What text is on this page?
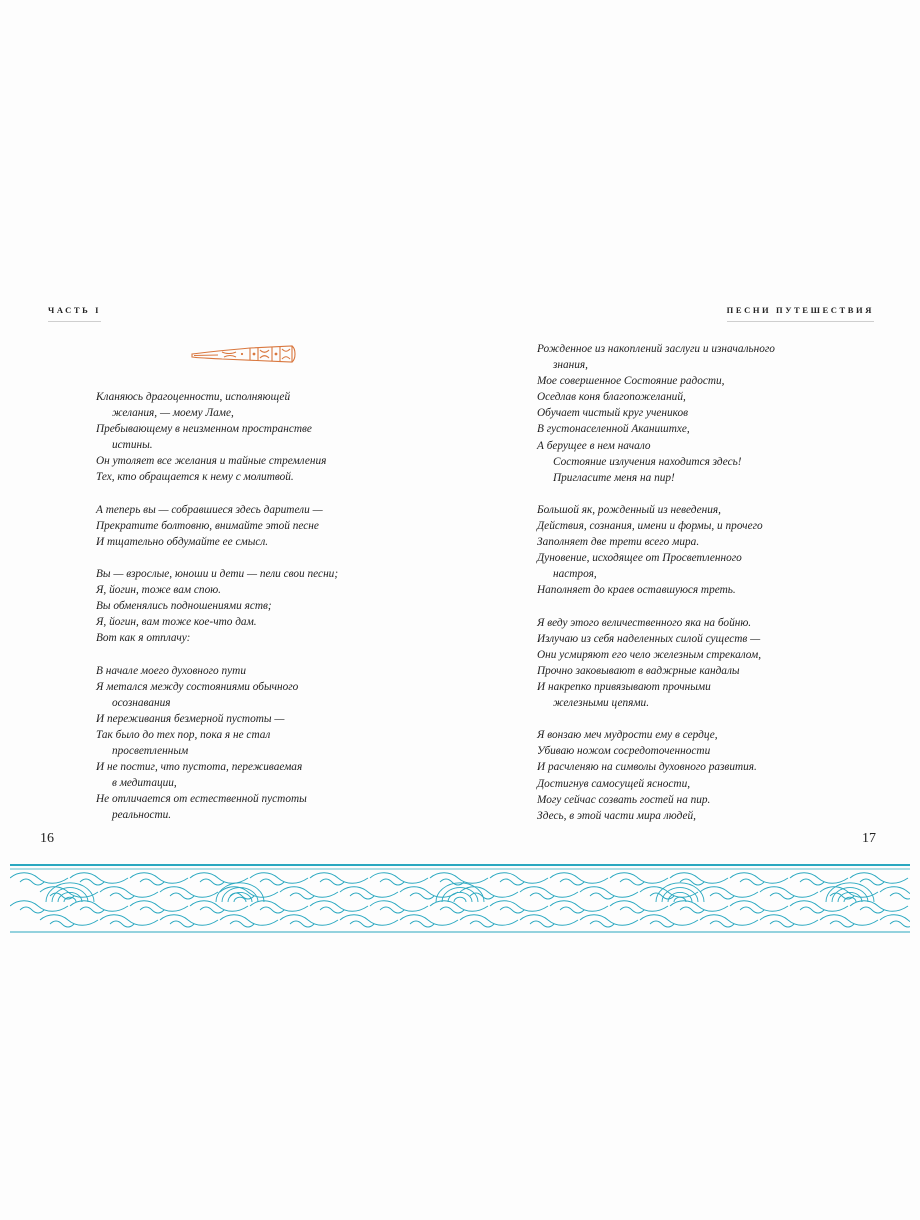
ЧАСТЬ I	ПЕСНИ ПУТЕШЕСТВИЯ
Кланяюсь драгоценности, исполняющей
желания, — моему Ламе,
Пребывающему в неизменном пространстве
истины.
Он утоляет все желания и тайные стремления
Тех, кто обращается к нему с молитвой.
А теперь вы — собравшиеся здесь дарители —
Прекратите болтовню, внимайте этой песне
И тщательно обдумайте ее смысл.
Вы — взрослые, юноши и дети — пели свои песни;
Я, йогин, тоже вам спою.
Вы обменялись подношениями яств;
Я, йогин, вам тоже кое-что дам.
Вот как я отплачу:
В начале моего духовного пути
Я метался между состояниями обычного
осознавания
И переживания безмерной пустоты —
Так было до тех пор, пока я не стал
просветленным
И не постиг, что пустота, переживаемая
в медитации,
Не отличается от естественной пустоты
реальности.
Рожденное из накоплений заслуги и изначального
знания,
Мое совершенное Состояние радости,
Оседлав коня благопожеланий,
Обучает чистый круг учеников
В густонаселенной Акаништхе,
А берущее в нем начало
Состояние излучения находится здесь!
Пригласите меня на пир!
Большой як, рожденный из неведения,
Действия, сознания, имени и формы, и прочего
Заполняет две трети всего мира.
Дуновение, исходящее от Просветленного
настроя,
Наполняет до краев оставшуюся треть.
Я веду этого величественного яка на бойню.
Излучаю из себя наделенных силой существ —
Они усмиряют его чело железным стрекалом,
Прочно заковывают в ваджрные кандалы
И накрепко привязывают прочными
железными цепями.
Я вонзаю меч мудрости ему в сердце,
Убиваю ножом сосредоточенности
И расчленяю на символы духовного развития.
Достигнув самосущей ясности,
Могу сейчас созвать гостей на пир.
Здесь, в этой части мира людей,
16	17
